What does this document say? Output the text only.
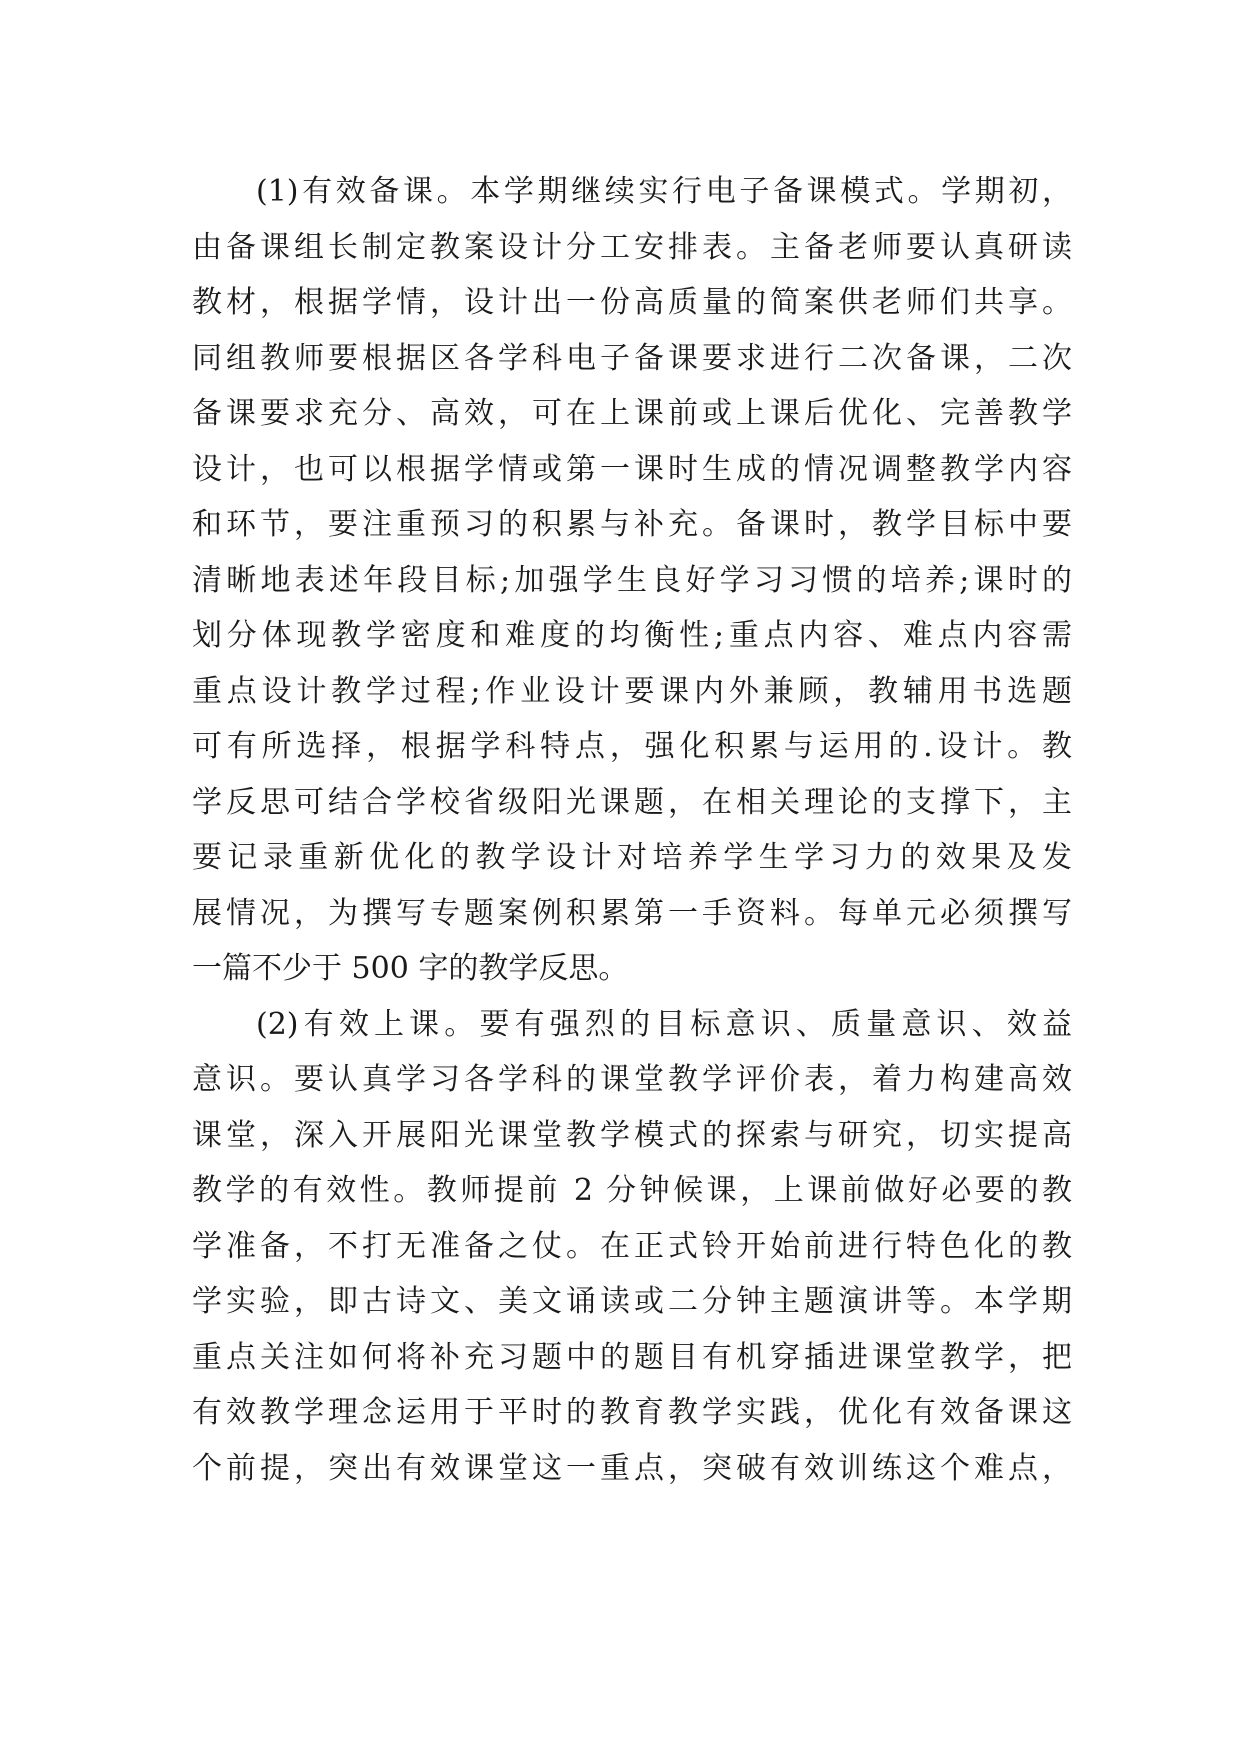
(1)有效备课。本学期继续实行电子备课模式。学期初，
由备课组长制定教案设计分工安排表。主备老师要认真研读
教材，根据学情，设计出一份高质量的简案供老师们共享。
同组教师要根据区各学科电子备课要求进行二次备课，二次
备课要求充分、高效，可在上课前或上课后优化、完善教学
设计，也可以根据学情或第一课时生成的情况调整教学内容
和环节，要注重预习的积累与补充。备课时，教学目标中要
清晰地表述年段目标;加强学生良好学习习惯的培养;课时的
划分体现教学密度和难度的均衡性;重点内容、难点内容需
重点设计教学过程;作业设计要课内外兼顾，教辅用书选题
可有所选择，根据学科特点，强化积累与运用的.设计。教
学反思可结合学校省级阳光课题，在相关理论的支撑下，主
要记录重新优化的教学设计对培养学生学习力的效果及发
展情况，为撰写专题案例积累第一手资料。每单元必须撰写
一篇不少于 500 字的教学反思。
(2)有效上课。要有强烈的目标意识、质量意识、效益
意识。要认真学习各学科的课堂教学评价表，着力构建高效
课堂，深入开展阳光课堂教学模式的探索与研究，切实提高
教学的有效性。教师提前 2 分钟候课，上课前做好必要的教
学准备，不打无准备之仗。在正式铃开始前进行特色化的教
学实验，即古诗文、美文诵读或二分钟主题演讲等。本学期
重点关注如何将补充习题中的题目有机穿插进课堂教学，把
有效教学理念运用于平时的教育教学实践，优化有效备课这
个前提，突出有效课堂这一重点，突破有效训练这个难点，
